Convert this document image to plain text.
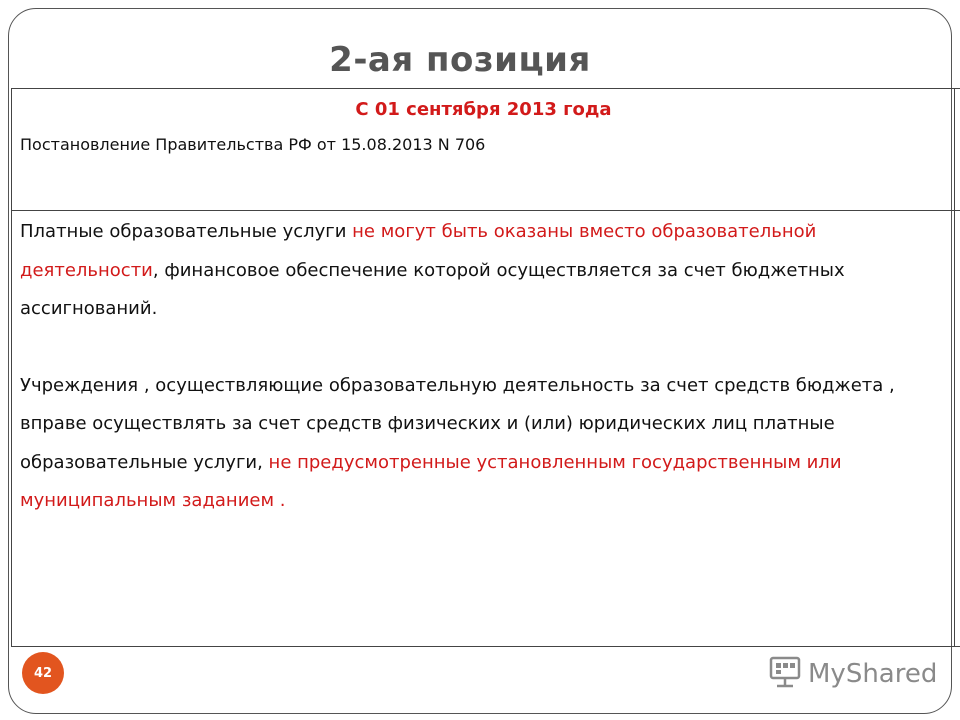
2-ая позиция
С 01 сентября 2013 года
Постановление Правительства РФ от 15.08.2013 N 706

Платные образовательные услуги не могут быть оказаны вместо образовательной деятельности, финансовое обеспечение которой осуществляется за счет бюджетных ассигнований.

Учреждения , осуществляющие образовательную деятельность за счет средств бюджета , вправе осуществлять за счет средств физических и (или) юридических лиц платные образовательные услуги, не предусмотренные установленным государственным или муниципальным заданием .

42	MyShared
